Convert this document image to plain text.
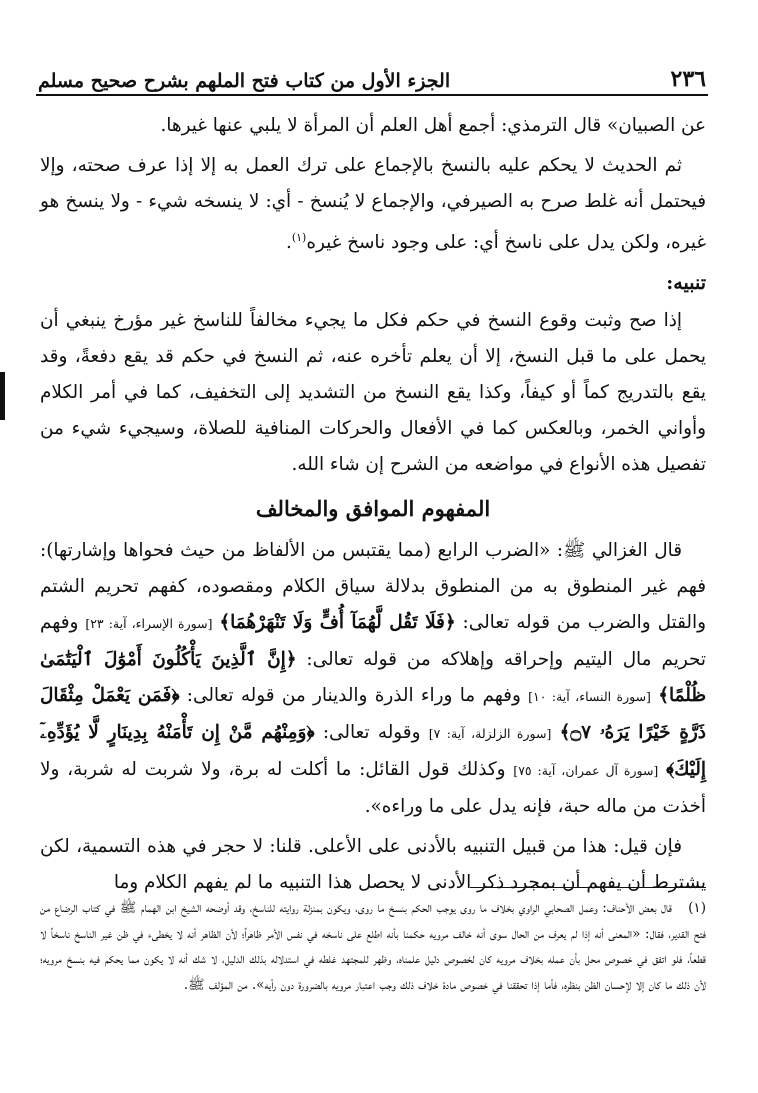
٢٣٦
الجزء الأول من كتاب فتح الملهم بشرح صحيح مسلم

عن الصبيان» قال الترمذي: أجمع أهل العلم أن المرأة لا يلبي عنها غيرها.

ثم الحديث لا يحكم عليه بالنسخ بالإجماع على ترك العمل به إلا إذا عرف صحته، وإلا فيحتمل أنه غلط صرح به الصيرفي، والإجماع لا يُنسخ - أي: لا ينسخه شيء - ولا ينسخ هو غيره، ولكن يدل على ناسخ أي: على وجود ناسخ غيره$^{(١)}$.

تنبيه:

إذا صح وثبت وقوع النسخ في حكم فكل ما يجيء مخالفاً للناسخ غير مؤرخ ينبغي أن يحمل على ما قبل النسخ، إلا أن يعلم تأخره عنه، ثم النسخ في حكم قد يقع دفعةً، وقد يقع بالتدريج كماً أو كيفاً، وكذا يقع النسخ من التشديد إلى التخفيف، كما في أمر الكلام وأواني الخمر، وبالعكس كما في الأفعال والحركات المنافية للصلاة، وسيجيء شيء من تفصيل هذه الأنواع في مواضعه من الشرح إن شاء الله.

المفهوم الموافق والمخالف

قال الغزالي ﷺ: «الضرب الرابع (مما يقتبس من الألفاظ من حيث فحواها وإشارتها): فهم غير المنطوق به من المنطوق بدلالة سياق الكلام ومقصوده، كفهم تحريم الشتم والقتل والضرب من قوله تعالى: ﴿فَلَا تَقُل لَّهُمَآ أُفٍّ وَلَا تَنْهَرْهُمَا﴾ [سورة الإسراء، آية: ٢٣] وفهم تحريم مال اليتيم وإحراقه وإهلاكه من قوله تعالى: ﴿إِنَّ ٱلَّذِينَ يَأْكُلُونَ أَمْوَٰلَ ٱلْيَتَٰمَىٰ ظُلْمًا﴾ [سورة النساء، آية: ١٠] وفهم ما وراء الذرة والدينار من قوله تعالى: ﴿فَمَن يَعْمَلْ مِثْقَالَ ذَرَّةٍ خَيْرًا يَرَهُۥ ۝٧﴾ [سورة الزلزلة، آية: ٧] وقوله تعالى: ﴿وَمِنْهُم مَّنْ إِن تَأْمَنْهُ بِدِينَارٍ لَّا يُؤَدِّهِۦٓ إِلَيْكَ﴾ [سورة آل عمران، آية: ٧٥] وكذلك قول القائل: ما أكلت له برة، ولا شربت له شربة، ولا أخذت من ماله حبة، فإنه يدل على ما وراءه».

فإن قيل: هذا من قبيل التنبيه بالأدنى على الأعلى. قلنا: لا حجر في هذه التسمية، لكن يشترط أن يفهم أن بمجرد ذكر الأدنى لا يحصل هذا التنبيه ما لم يفهم الكلام وما

(١)قال بعض الأحناف: وعمل الصحابي الراوي بخلاف ما روى يوجب الحكم بنسخ ما روى، ويكون بمنزلة روايته للناسخ، وقد أوضحه الشيخ ابن الهمام ﷺ في كتاب الرضاع من فتح القدير، فقال: «المعنى أنه إذا لم يعرف من الحال سوى أنه خالف مرويه حكمنا بأنه اطلع على ناسخه في نفس الأمر ظاهراً؛ لأن الظاهر أنه لا يخطىء في ظن غير الناسخ ناسخاً لا قطعاً، فلو اتفق في خصوص محل بأن عمله بخلاف مرويه كان لخصوص دليل علمناه، وظهر للمجتهد غلطه في استدلاله بذلك الدليل، لا شك أنه لا يكون مما يحكم فيه بنسخ مرويه؛ لأن ذلك ما كان إلا لإحسان الظن بنظره، فأما إذا تحققنا في خصوص مادة خلاف ذلك وجب اعتبار مرويه بالضرورة دون رأيه». من المؤلف ﷺ.
